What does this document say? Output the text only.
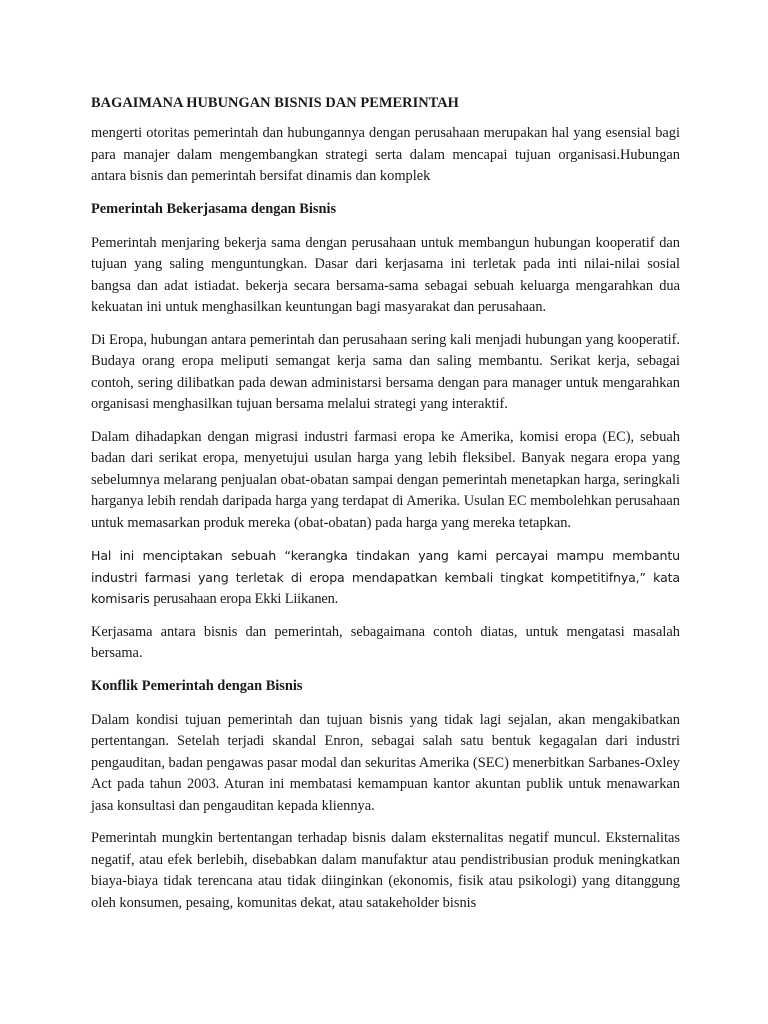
BAGAIMANA HUBUNGAN BISNIS DAN PEMERINTAH

mengerti otoritas pemerintah dan hubungannya dengan perusahaan merupakan hal yang esensial bagi para manajer dalam mengembangkan strategi serta dalam mencapai tujuan organisasi.Hubungan antara bisnis dan pemerintah bersifat dinamis dan komplek

Pemerintah Bekerjasama dengan Bisnis

Pemerintah menjaring bekerja sama dengan perusahaan untuk membangun hubungan kooperatif dan tujuan yang saling menguntungkan. Dasar dari kerjasama ini terletak pada inti nilai-nilai sosial bangsa dan adat istiadat. bekerja secara bersama-sama sebagai sebuah keluarga mengarahkan dua kekuatan ini untuk menghasilkan keuntungan bagi masyarakat dan perusahaan.

Di Eropa, hubungan antara pemerintah dan perusahaan sering kali menjadi hubungan yang kooperatif. Budaya orang eropa meliputi semangat kerja sama dan saling membantu. Serikat kerja, sebagai contoh, sering dilibatkan pada dewan administarsi bersama dengan para manager untuk mengarahkan organisasi menghasilkan tujuan bersama melalui strategi yang interaktif.

Dalam dihadapkan dengan migrasi industri farmasi eropa ke Amerika, komisi eropa (EC), sebuah badan dari serikat eropa, menyetujui usulan harga yang lebih fleksibel. Banyak negara eropa yang sebelumnya melarang penjualan obat-obatan sampai dengan pemerintah menetapkan harga, seringkali harganya lebih rendah daripada harga yang terdapat di Amerika. Usulan EC membolehkan perusahaan untuk memasarkan produk mereka (obat-obatan) pada harga yang mereka tetapkan.

Hal ini menciptakan sebuah “kerangka tindakan yang kami percayai mampu membantu industri farmasi yang terletak di eropa mendapatkan kembali tingkat kompetitifnya,” kata komisaris perusahaan eropa Ekki Liikanen.

Kerjasama antara bisnis dan pemerintah, sebagaimana contoh diatas, untuk mengatasi masalah bersama.

Konflik Pemerintah dengan Bisnis

Dalam kondisi tujuan pemerintah dan tujuan bisnis yang tidak lagi sejalan, akan mengakibatkan pertentangan. Setelah terjadi skandal Enron, sebagai salah satu bentuk kegagalan dari industri pengauditan, badan pengawas pasar modal dan sekuritas Amerika (SEC) menerbitkan Sarbanes-Oxley Act pada tahun 2003. Aturan ini membatasi kemampuan kantor akuntan publik untuk menawarkan jasa konsultasi dan pengauditan kepada kliennya.

Pemerintah mungkin bertentangan terhadap bisnis dalam eksternalitas negatif muncul. Eksternalitas negatif, atau efek berlebih, disebabkan dalam manufaktur atau pendistribusian produk meningkatkan biaya-biaya tidak terencana atau tidak diinginkan (ekonomis, fisik atau psikologi) yang ditanggung oleh konsumen, pesaing, komunitas dekat, atau satakeholder bisnis
